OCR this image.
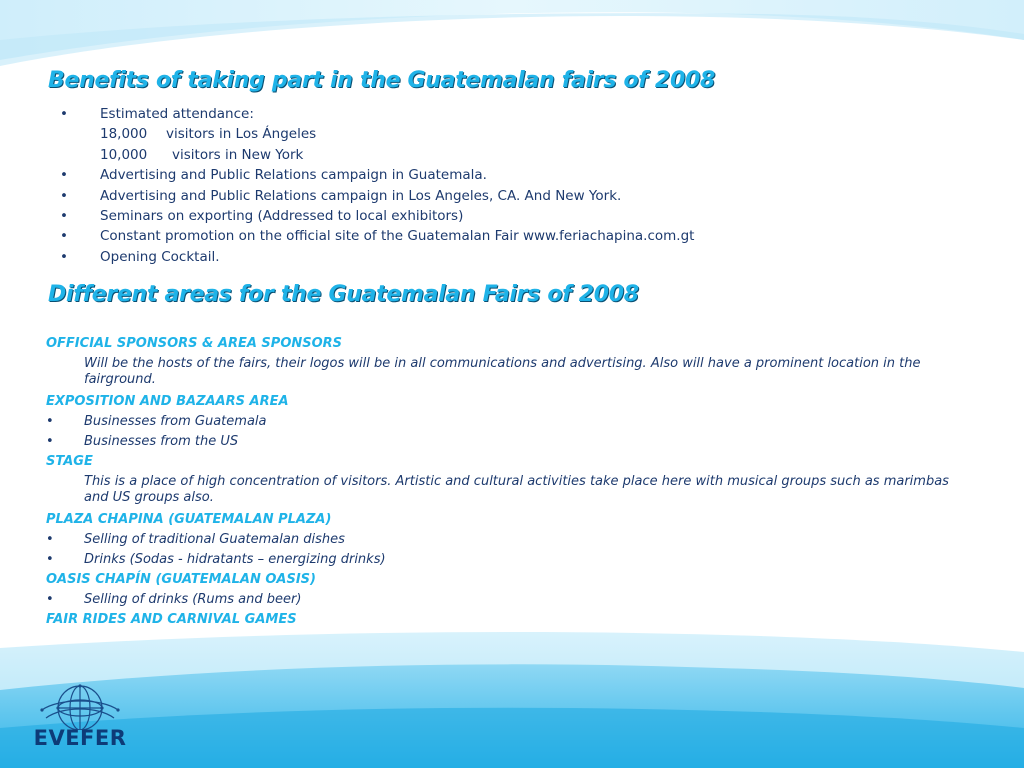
Benefits of taking part in the Guatemalan fairs of 2008
• Estimated attendance:
18,000 visitors in Los Ángeles
10,000 visitors in New York
• Advertising and Public Relations campaign in Guatemala.
• Advertising and Public Relations campaign in Los Angeles, CA. And New York.
• Seminars on exporting (Addressed to local exhibitors)
• Constant promotion on the official site of the Guatemalan Fair www.feriachapina.com.gt
• Opening Cocktail.
Different areas for the Guatemalan Fairs of 2008
OFFICIAL SPONSORS & AREA SPONSORS
Will be the hosts of the fairs, their logos will be in all communications and advertising. Also will have a prominent location in the fairground.
EXPOSITION AND BAZAARS AREA
• Businesses from Guatemala
• Businesses from the US
STAGE
This is a place of high concentration of visitors. Artistic and cultural activities take place here with musical groups such as marimbas and US groups also.
PLAZA CHAPINA (GUATEMALAN PLAZA)
• Selling of traditional Guatemalan dishes
• Drinks (Sodas - hidratants – energizing drinks)
OASIS CHAPÍN (GUATEMALAN OASIS)
• Selling of drinks (Rums and beer)
FAIR RIDES AND CARNIVAL GAMES
EVEFER
